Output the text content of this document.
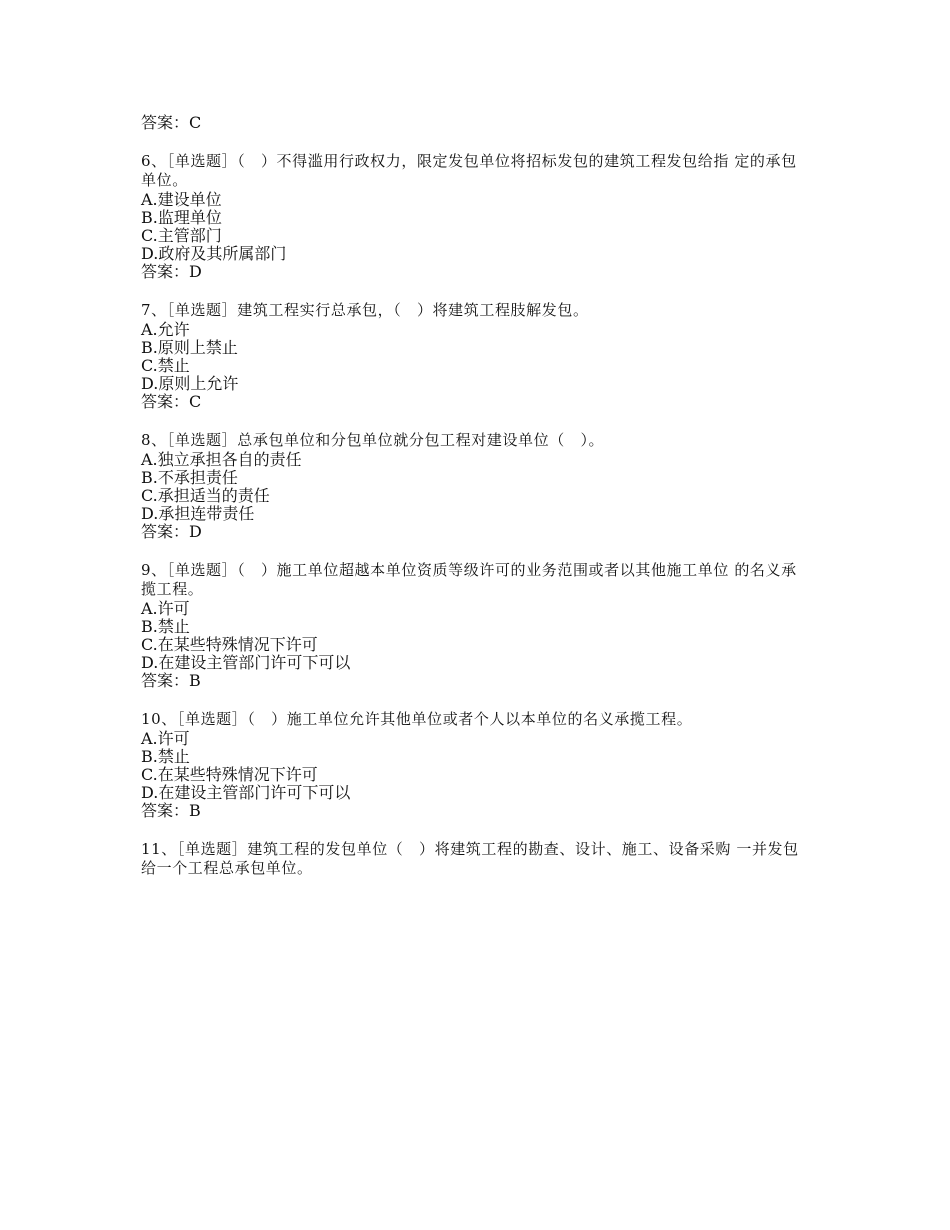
答案：C
6、［单选题］（　）不得滥用行政权力，限定发包单位将招标发包的建筑工程发包给指 定的承包单位。
A.建设单位
B.监理单位
C.主管部门
D.政府及其所属部门
答案：D
7、［单选题］建筑工程实行总承包，（　）将建筑工程肢解发包。
A.允许
B.原则上禁止
C.禁止
D.原则上允许
答案：C
8、［单选题］总承包单位和分包单位就分包工程对建设单位（　）。
A.独立承担各自的责任
B.不承担责任
C.承担适当的责任
D.承担连带责任
答案：D
9、［单选题］（　）施工单位超越本单位资质等级许可的业务范围或者以其他施工单位 的名义承揽工程。
A.许可
B.禁止
C.在某些特殊情况下许可
D.在建设主管部门许可下可以
答案：B
10、［单选题］（　）施工单位允许其他单位或者个人以本单位的名义承揽工程。
A.许可
B.禁止
C.在某些特殊情况下许可
D.在建设主管部门许可下可以
答案：B
11、［单选题］建筑工程的发包单位（　）将建筑工程的勘查、设计、施工、设备采购 一并发包给一个工程总承包单位。
